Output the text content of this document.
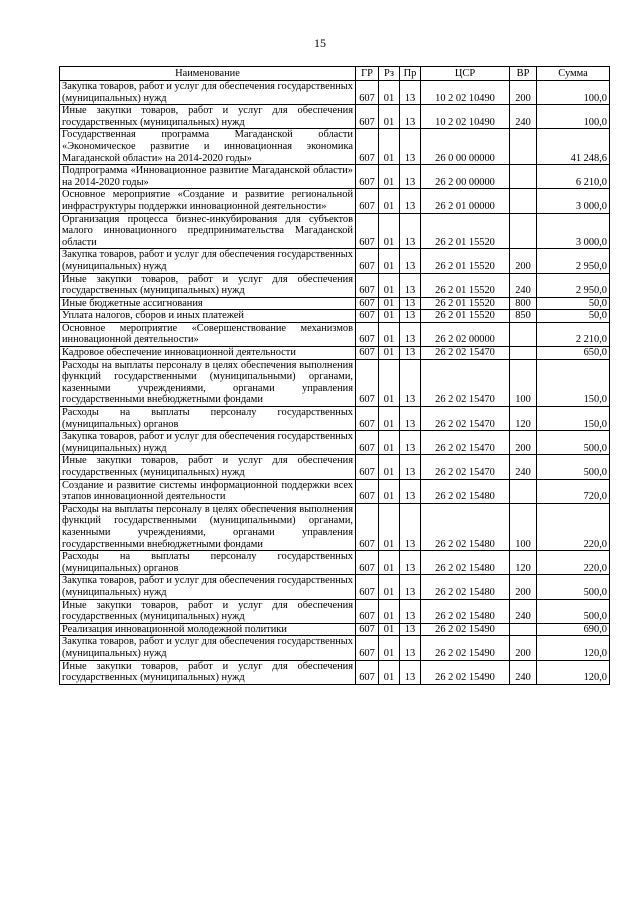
15
Наименование	ГР	Рз	Пр	ЦСР	ВР	Сумма
Закупка товаров, работ и услуг для обеспечения государственных (муниципальных) нужд	607	01	13	10 2 02 10490	200	100,0
Иные закупки товаров, работ и услуг для обеспечения государственных (муниципальных) нужд	607	01	13	10 2 02 10490	240	100,0
Государственная программа Магаданской области «Экономическое развитие и инновационная экономика Магаданской области» на 2014-2020 годы»	607	01	13	26 0 00 00000		41 248,6
Подпрограмма «Инновационное развитие Магаданской области» на 2014-2020 годы»	607	01	13	26 2 00 00000		6 210,0
Основное мероприятие «Создание и развитие региональной инфраструктуры поддержки инновационной деятельности»	607	01	13	26 2 01 00000		3 000,0
Организация процесса бизнес-инкубирования для субъектов малого инновационного предпринимательства Магаданской области	607	01	13	26 2 01 15520		3 000,0
Закупка товаров, работ и услуг для обеспечения государственных (муниципальных) нужд	607	01	13	26 2 01 15520	200	2 950,0
Иные закупки товаров, работ и услуг для обеспечения государственных (муниципальных) нужд	607	01	13	26 2 01 15520	240	2 950,0
Иные бюджетные ассигнования	607	01	13	26 2 01 15520	800	50,0
Уплата налогов, сборов и иных платежей	607	01	13	26 2 01 15520	850	50,0
Основное мероприятие «Совершенствование механизмов инновационной деятельности»	607	01	13	26 2 02 00000		2 210,0
Кадровое обеспечение инновационной деятельности	607	01	13	26 2 02 15470		650,0
Расходы на выплаты персоналу в целях обеспечения выполнения функций государственными (муниципальными) органами, казенными учреждениями, органами управления государственными внебюджетными фондами	607	01	13	26 2 02 15470	100	150,0
Расходы на выплаты персоналу государственных (муниципальных) органов	607	01	13	26 2 02 15470	120	150,0
Закупка товаров, работ и услуг для обеспечения государственных (муниципальных) нужд	607	01	13	26 2 02 15470	200	500,0
Иные закупки товаров, работ и услуг для обеспечения государственных (муниципальных) нужд	607	01	13	26 2 02 15470	240	500,0
Создание и развитие системы информационной поддержки всех этапов инновационной деятельности	607	01	13	26 2 02 15480		720,0
Расходы на выплаты персоналу в целях обеспечения выполнения функций государственными (муниципальными) органами, казенными учреждениями, органами управления государственными внебюджетными фондами	607	01	13	26 2 02 15480	100	220,0
Расходы на выплаты персоналу государственных (муниципальных) органов	607	01	13	26 2 02 15480	120	220,0
Закупка товаров, работ и услуг для обеспечения государственных (муниципальных) нужд	607	01	13	26 2 02 15480	200	500,0
Иные закупки товаров, работ и услуг для обеспечения государственных (муниципальных) нужд	607	01	13	26 2 02 15480	240	500,0
Реализация инновационной молодежной политики	607	01	13	26 2 02 15490		690,0
Закупка товаров, работ и услуг для обеспечения государственных (муниципальных) нужд	607	01	13	26 2 02 15490	200	120,0
Иные закупки товаров, работ и услуг для обеспечения государственных (муниципальных) нужд	607	01	13	26 2 02 15490	240	120,0
